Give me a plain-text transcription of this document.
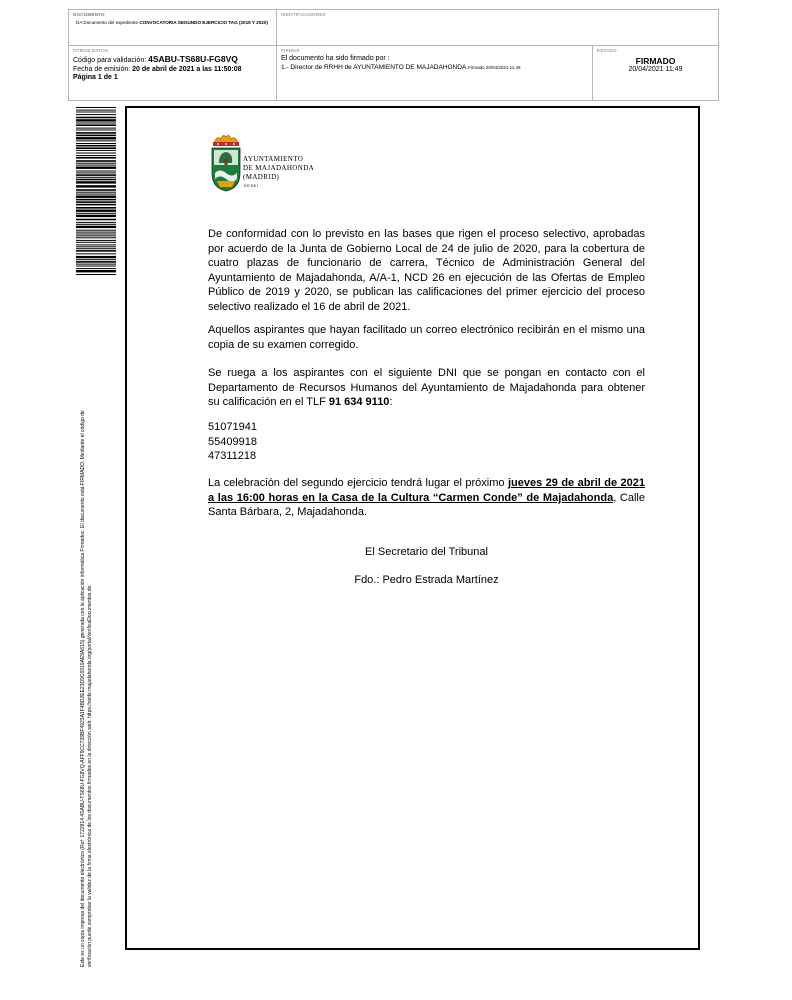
DOCUMENTO
DA Documento del expediente CONVOCATORIA SEGUNDO EJERCICIO TAG (2019 Y 2020)
IDENTIFICADORES
OTROS DATOS
Código para validación: 4SABU-TS68U-FG8VQ
Fecha de emisión: 20 de abril de 2021 a las 11:50:08
Página 1 de 1
FIRMAS
El documento ha sido firmado por :
1.- Director de RRHH de AYUNTAMIENTO DE MAJADAHONDA.Firmado 20/04/2021 11:49
ESTADO
FIRMADO
20/04/2021 11:49
Este es un copia impresa del documento electrónico (Ref: 1722814 4SABU-TS68U-FG8VQ-AFF9CC728BF4923A1F4BD2EE23D9C6919AE9A615) generada con la aplicación informática Firmadoc. El documento está FIRMADO. Mediante el código de verificación puede comprobar la validez de la firma electrónica de los documentos firmados en la dirección web: https://sede.majadahonda.org/portal/verificaDocumentos.do
AYUNTAMIENTO
DE MAJADAHONDA
(MADRID)
EESEI

De conformidad con lo previsto en las bases que rigen el proceso selectivo, aprobadas por acuerdo de la Junta de Gobierno Local de 24 de julio de 2020, para la cobertura de cuatro plazas de funcionario de carrera, Técnico de Administración General del Ayuntamiento de Majadahonda, A/A-1, NCD 26 en ejecución de las Ofertas de Empleo Público de 2019 y 2020, se publican las calificaciones del primer ejercicio del proceso selectivo realizado el 16 de abril de 2021.

Aquellos aspirantes que hayan facilitado un correo electrónico recibirán en el mismo una copia de su examen corregido.

Se ruega a los aspirantes con el siguiente DNI que se pongan en contacto con el Departamento de Recursos Humanos del Ayuntamiento de Majadahonda para obtener su calificación en el TLF 91 634 9110:

51071941
55409918
47311218

La celebración del segundo ejercicio tendrá lugar el próximo jueves 29 de abril de 2021 a las 16:00 horas en la Casa de la Cultura “Carmen Conde” de Majadahonda, Calle Santa Bárbara, 2, Majadahonda.

El Secretario del Tribunal
Fdo.: Pedro Estrada Martínez
